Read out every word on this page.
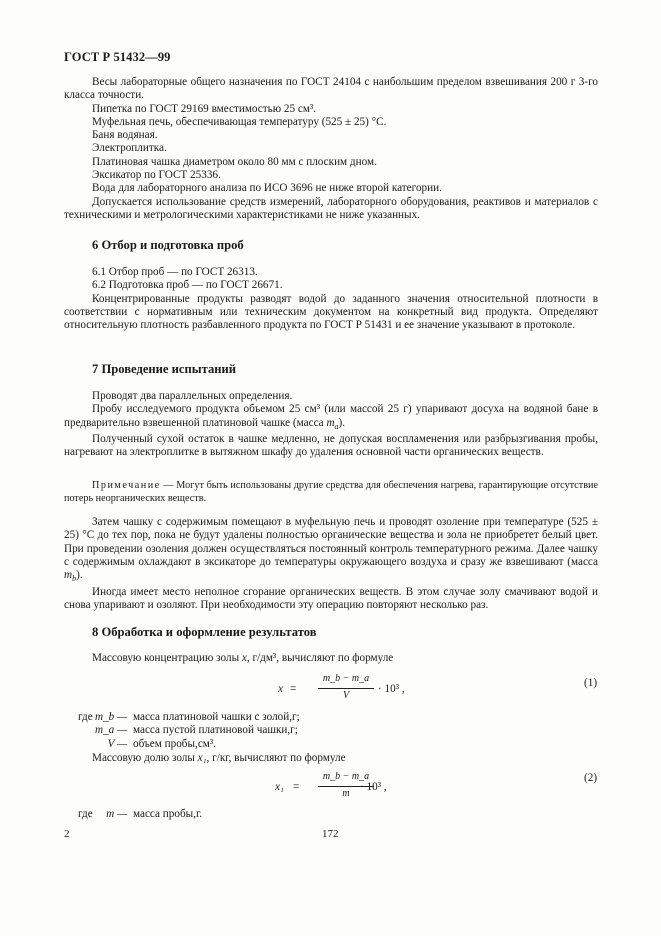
ГОСТ Р 51432—99

Весы лабораторные общего назначения по ГОСТ 24104 с наибольшим пределом взвешивания 200 г 3-го класса точности.

Пипетка по ГОСТ 29169 вместимостью 25 см³.

Муфельная печь, обеспечивающая температуру (525 ± 25) °С.

Баня водяная.

Электроплитка.

Платиновая чашка диаметром около 80 мм с плоским дном.

Эксикатор по ГОСТ 25336.

Вода для лабораторного анализа по ИСО 3696 не ниже второй категории.

Допускается использование средств измерений, лабораторного оборудования, реактивов и материалов с техническими и метрологическими характеристиками не ниже указанных.

6 Отбор и подготовка проб

6.1 Отбор проб — по ГОСТ 26313.

6.2 Подготовка проб — по ГОСТ 26671.

Концентрированные продукты разводят водой до заданного значения относительной плотности в соответствии с нормативным или техническим документом на конкретный вид продукта. Определяют относительную плотность разбавленного продукта по ГОСТ Р 51431 и ее значение указывают в протоколе.

7 Проведение испытаний

Проводят два параллельных определения.

Пробу исследуемого продукта объемом 25 см³ (или массой 25 г) упаривают досуха на водяной бане в предварительно взвешенной платиновой чашке (масса $m_a$).

Полученный сухой остаток в чашке медленно, не допуская воспламенения или разбрызгивания пробы, нагревают на электроплитке в вытяжном шкафу до удаления основной части органических веществ.

Примечание — Могут быть использованы другие средства для обеспечения нагрева, гарантирующие отсутствие потерь неорганических веществ.

Затем чашку с содержимым помещают в муфельную печь и проводят озоление при температуре (525 ± 25) °С до тех пор, пока не будут удалены полностью органические вещества и зола не приобретет белый цвет. При проведении озоления должен осуществляться постоянный контроль температурного режима. Далее чашку с содержимым охлаждают в эксикаторе до температуры окружающего воздуха и сразу же взвешивают (масса $m_b$).

Иногда имеет место неполное сгорание органических веществ. В этом случае золу смачивают водой и снова упаривают и озоляют. При необходимости эту операцию повторяют несколько раз.

8 Обработка и оформление результатов

Массовую концентрацию золы x, г/дм³, вычисляют по формуле

x =
m_b − m_a
V
· 10³ ,	(1)
где m_b — масса платиновой чашки с золой,г;
m_a — масса пустой платиновой чашки,г;
V — объем пробы,см³.

Массовую долю золы x₁, г/кг, вычисляют по формуле

x₁ =
m_b − m_a
m
· 10³ ,
(2)
где	m — масса пробы,г.
2	172
